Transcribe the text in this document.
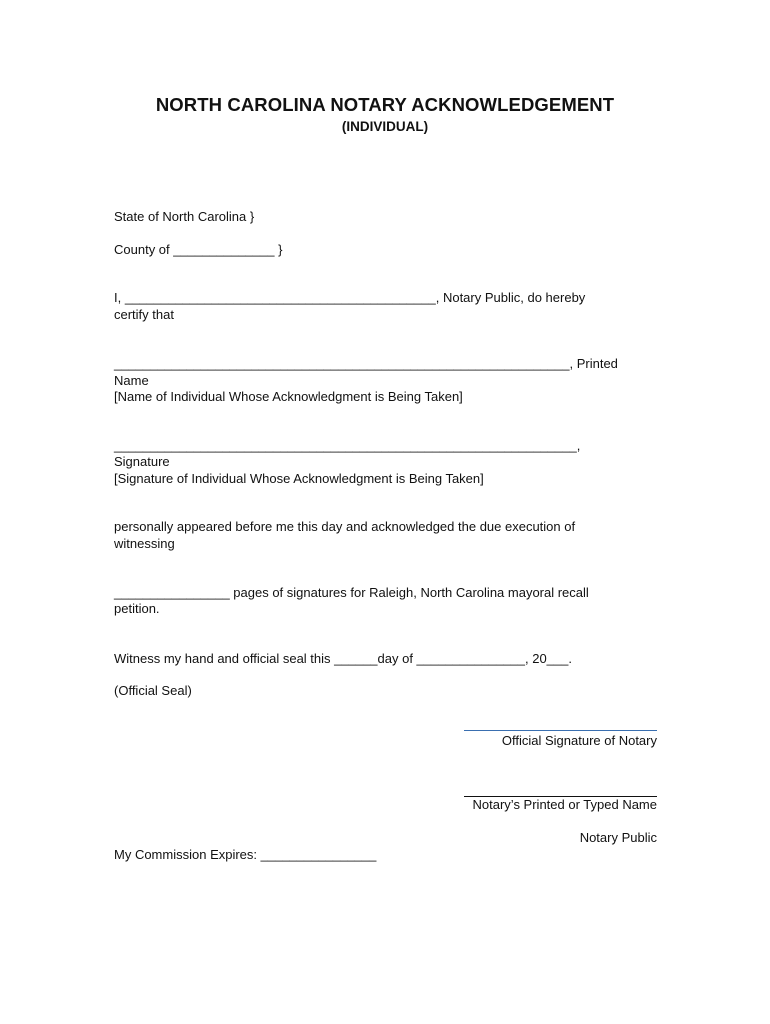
NORTH CAROLINA NOTARY ACKNOWLEDGEMENT
(INDIVIDUAL)
State of North Carolina }
County of ______________ }
I, ___________________________________________, Notary Public, do hereby
certify that
_______________________________________________________________, Printed
Name
[Name of Individual Whose Acknowledgment is Being Taken]
________________________________________________________________,
Signature
[Signature of Individual Whose Acknowledgment is Being Taken]
personally appeared before me this day and acknowledged the due execution of
witnessing
________________ pages of signatures for Raleigh, North Carolina mayoral recall
petition.
Witness my hand and official seal this ______day of _______________, 20___.
(Official Seal)
Official Signature of Notary
Notary’s Printed or Typed Name
Notary Public
My Commission Expires: ________________
